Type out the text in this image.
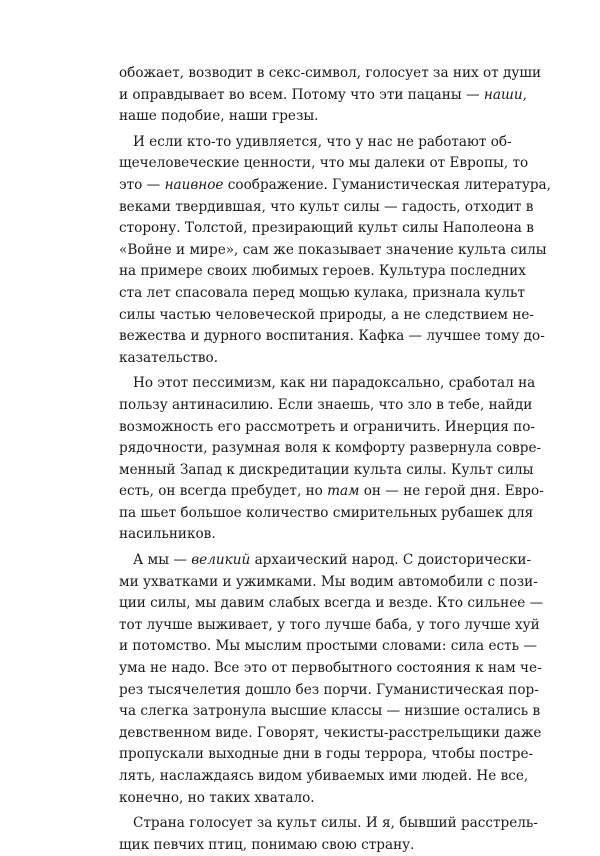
обожает, возводит в секс-символ, голосует за них от души
и оправдывает во всем. Потому что эти пацаны — наши,
наше подобие, наши грезы.
И если кто-то удивляется, что у нас не работают об-
щечеловеческие ценности, что мы далеки от Европы, то
это — наивное соображение. Гуманистическая литература,
веками твердившая, что культ силы — гадость, отходит в
сторону. Толстой, презирающий культ силы Наполеона в
«Войне и мире», сам же показывает значение культа силы
на примере своих любимых героев. Культура последних
ста лет спасовала перед мощью кулака, признала культ
силы частью человеческой природы, а не следствием не-
вежества и дурного воспитания. Кафка — лучшее тому до-
казательство.
Но этот пессимизм, как ни парадоксально, сработал на
пользу антинасилию. Если знаешь, что зло в тебе, найди
возможность его рассмотреть и ограничить. Инерция по-
рядочности, разумная воля к комфорту развернула совре-
менный Запад к дискредитации культа силы. Культ силы
есть, он всегда пребудет, но там он — не герой дня. Евро-
па шьет большое количество смирительных рубашек для
насильников.
А мы — великий архаический народ. С доисторически-
ми ухватками и ужимками. Мы водим автомобили с пози-
ции силы, мы давим слабых всегда и везде. Кто сильнее —
тот лучше выживает, у того лучше баба, у того лучше хуй
и потомство. Мы мыслим простыми словами: сила есть —
ума не надо. Все это от первобытного состояния к нам че-
рез тысячелетия дошло без порчи. Гуманистическая пор-
ча слегка затронула высшие классы — низшие остались в
девственном виде. Говорят, чекисты-расстрельщики даже
пропускали выходные дни в годы террора, чтобы постре-
лять, наслаждаясь видом убиваемых ими людей. Не все,
конечно, но таких хватало.
Страна голосует за культ силы. И я, бывший расстрель-
щик певчих птиц, понимаю свою страну.
